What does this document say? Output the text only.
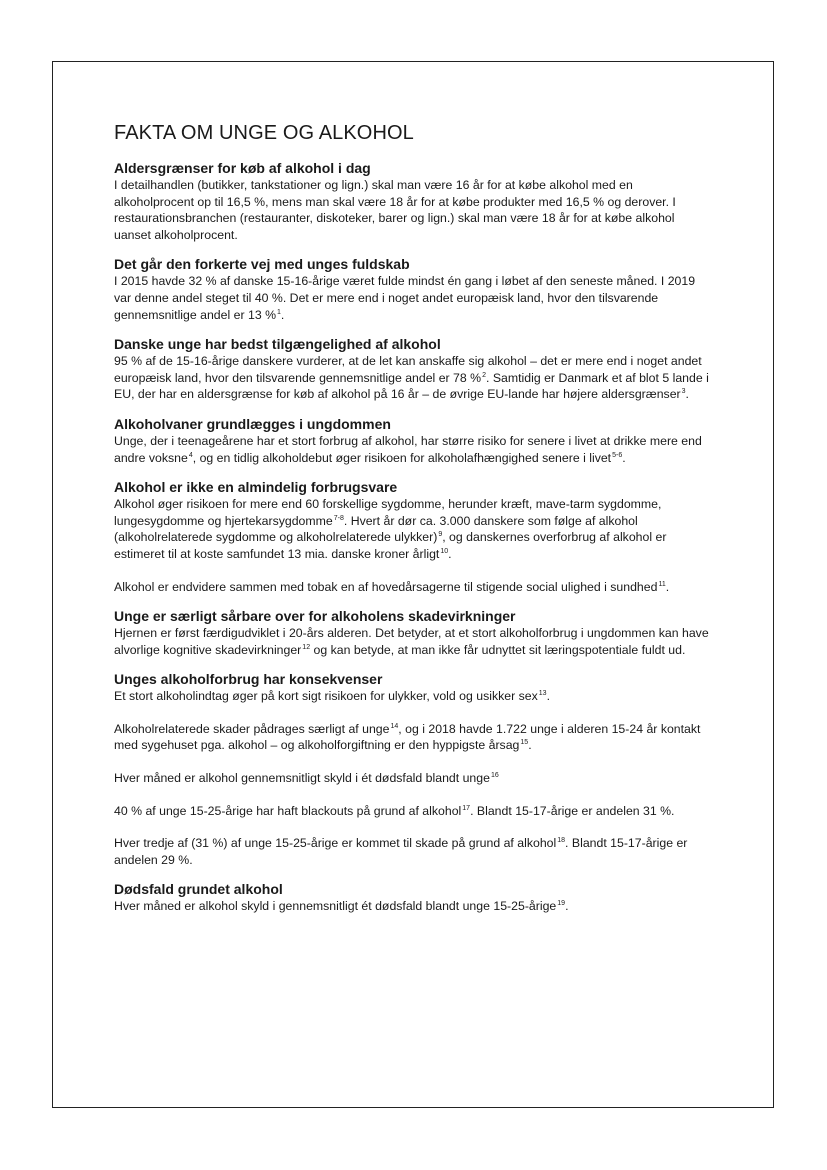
FAKTA OM UNGE OG ALKOHOL
Aldersgrænser for køb af alkohol i dag

I detailhandlen (butikker, tankstationer og lign.) skal man være 16 år for at købe alkohol med en alkoholprocent op til 16,5 %, mens man skal være 18 år for at købe produkter med 16,5 % og derover. I restaurationsbranchen (restauranter, diskoteker, barer og lign.) skal man være 18 år for at købe alkohol uanset alkoholprocent.

Det går den forkerte vej med unges fuldskab

I 2015 havde 32 % af danske 15-16-årige været fulde mindst én gang i løbet af den seneste måned. I 2019 var denne andel steget til 40 %. Det er mere end i noget andet europæisk land, hvor den tilsvarende gennemsnitlige andel er 13 %$^1$.

Danske unge har bedst tilgængelighed af alkohol

95 % af de 15-16-årige danskere vurderer, at de let kan anskaffe sig alkohol – det er mere end i noget andet europæisk land, hvor den tilsvarende gennemsnitlige andel er 78 %$^2$. Samtidig er Danmark et af blot 5 lande i EU, der har en aldersgrænse for køb af alkohol på 16 år – de øvrige EU-lande har højere aldersgrænser$^3$.

Alkoholvaner grundlægges i ungdommen

Unge, der i teenageårene har et stort forbrug af alkohol, har større risiko for senere i livet at drikke mere end andre voksne$^4$, og en tidlig alkoholdebut øger risikoen for alkoholafhængighed senere i livet$^{5-6}$.

Alkohol er ikke en almindelig forbrugsvare

Alkohol øger risikoen for mere end 60 forskellige sygdomme, herunder kræft, mave-tarm sygdomme, lungesygdomme og hjertekarsygdomme$^{7-8}$. Hvert år dør ca. 3.000 danskere som følge af alkohol (alkoholrelaterede sygdomme og alkoholrelaterede ulykker)$^9$, og danskernes overforbrug af alkohol er estimeret til at koste samfundet 13 mia. danske kroner årligt$^{10}$.

Alkohol er endvidere sammen med tobak en af hovedårsagerne til stigende social ulighed i sundhed$^{11}$.

Unge er særligt sårbare over for alkoholens skadevirkninger

Hjernen er først færdigudviklet i 20-års alderen. Det betyder, at et stort alkoholforbrug i ungdommen kan have alvorlige kognitive skadevirkninger$^{12}$ og kan betyde, at man ikke får udnyttet sit læringspotentiale fuldt ud.

Unges alkoholforbrug har konsekvenser

Et stort alkoholindtag øger på kort sigt risikoen for ulykker, vold og usikker sex$^{13}$.

Alkoholrelaterede skader pådrages særligt af unge$^{14}$, og i 2018 havde 1.722 unge i alderen 15-24 år kontakt med sygehuset pga. alkohol – og alkoholforgiftning er den hyppigste årsag$^{15}$.

Hver måned er alkohol gennemsnitligt skyld i ét dødsfald blandt unge$^{16}$

40 % af unge 15-25-årige har haft blackouts på grund af alkohol$^{17}$. Blandt 15-17-årige er andelen 31 %.

Hver tredje af (31 %) af unge 15-25-årige er kommet til skade på grund af alkohol$^{18}$. Blandt 15-17-årige er andelen 29 %.

Dødsfald grundet alkohol

Hver måned er alkohol skyld i gennemsnitligt ét dødsfald blandt unge 15-25-årige$^{19}$.
